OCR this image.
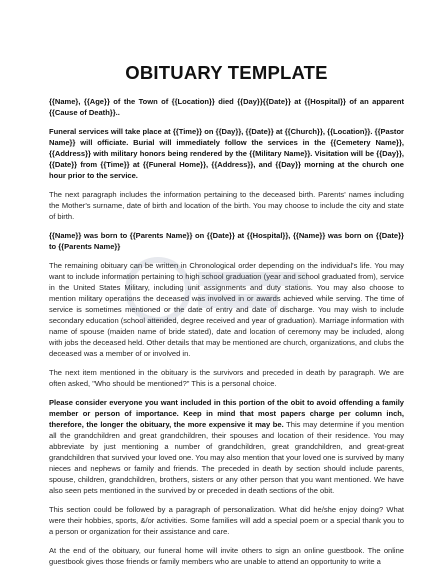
OBITUARY TEMPLATE

{{Name}, {{Age}} of the Town of {{Location}} died {{Day}}{{Date}} at {{Hospital}} of an apparent {{Cause of Death}}..

Funeral services will take place at {{Time}} on {{Day}}, {{Date}} at {{Church}}, {{Location}}. {{Pastor Name}} will officiate. Burial will immediately follow the services in the {{Cemetery Name}}, {{Address}} with military honors being rendered by the {{Military Name}}. Visitation will be {{Day}}, {{Date}} from {{Time}} at {{Funeral Home}}, {{Address}}, and {{Day}} morning at the church one hour prior to the service.

The next paragraph includes the information pertaining to the deceased birth. Parents' names including the Mother's surname, date of birth and location of the birth. You may choose to include the city and state of birth.

{{Name}} was born to {{Parents Name}} on {{Date}} at {{Hospital}}, {{Name}} was born on {{Date}} to {{Parents Name}}

The remaining obituary can be written in Chronological order depending on the individual's life. You may want to include information pertaining to high school graduation (year and school graduated from), service in the United States Military, including unit assignments and duty stations. You may also choose to mention military operations the deceased was involved in or awards achieved while serving. The time of service is sometimes mentioned or the date of entry and date of discharge. You may wish to include secondary education (school attended, degree received and year of graduation). Marriage information with name of spouse (maiden name of bride stated), date and location of ceremony may be included, along with jobs the deceased held. Other details that may be mentioned are church, organizations, and clubs the deceased was a member of or involved in.

The next item mentioned in the obituary is the survivors and preceded in death by paragraph. We are often asked, "Who should be mentioned?" This is a personal choice.

Please consider everyone you want included in this portion of the obit to avoid offending a family member or person of importance. Keep in mind that most papers charge per column inch, therefore, the longer the obituary, the more expensive it may be. This may determine if you mention all the grandchildren and great grandchildren, their spouses and location of their residence. You may abbreviate by just mentioning a number of grandchildren, great grandchildren, and great-great grandchildren that survived your loved one. You may also mention that your loved one is survived by many nieces and nephews or family and friends. The preceded in death by section should include parents, spouse, children, grandchildren, brothers, sisters or any other person that you want mentioned. We have also seen pets mentioned in the survived by or preceded in death sections of the obit.

This section could be followed by a paragraph of personalization. What did he/she enjoy doing? What were their hobbies, sports, &/or activities. Some families will add a special poem or a special thank you to a person or organization for their assistance and care.

At the end of the obituary, our funeral home will invite others to sign an online guestbook. The online guestbook gives those friends or family members who are unable to attend an opportunity to write a
